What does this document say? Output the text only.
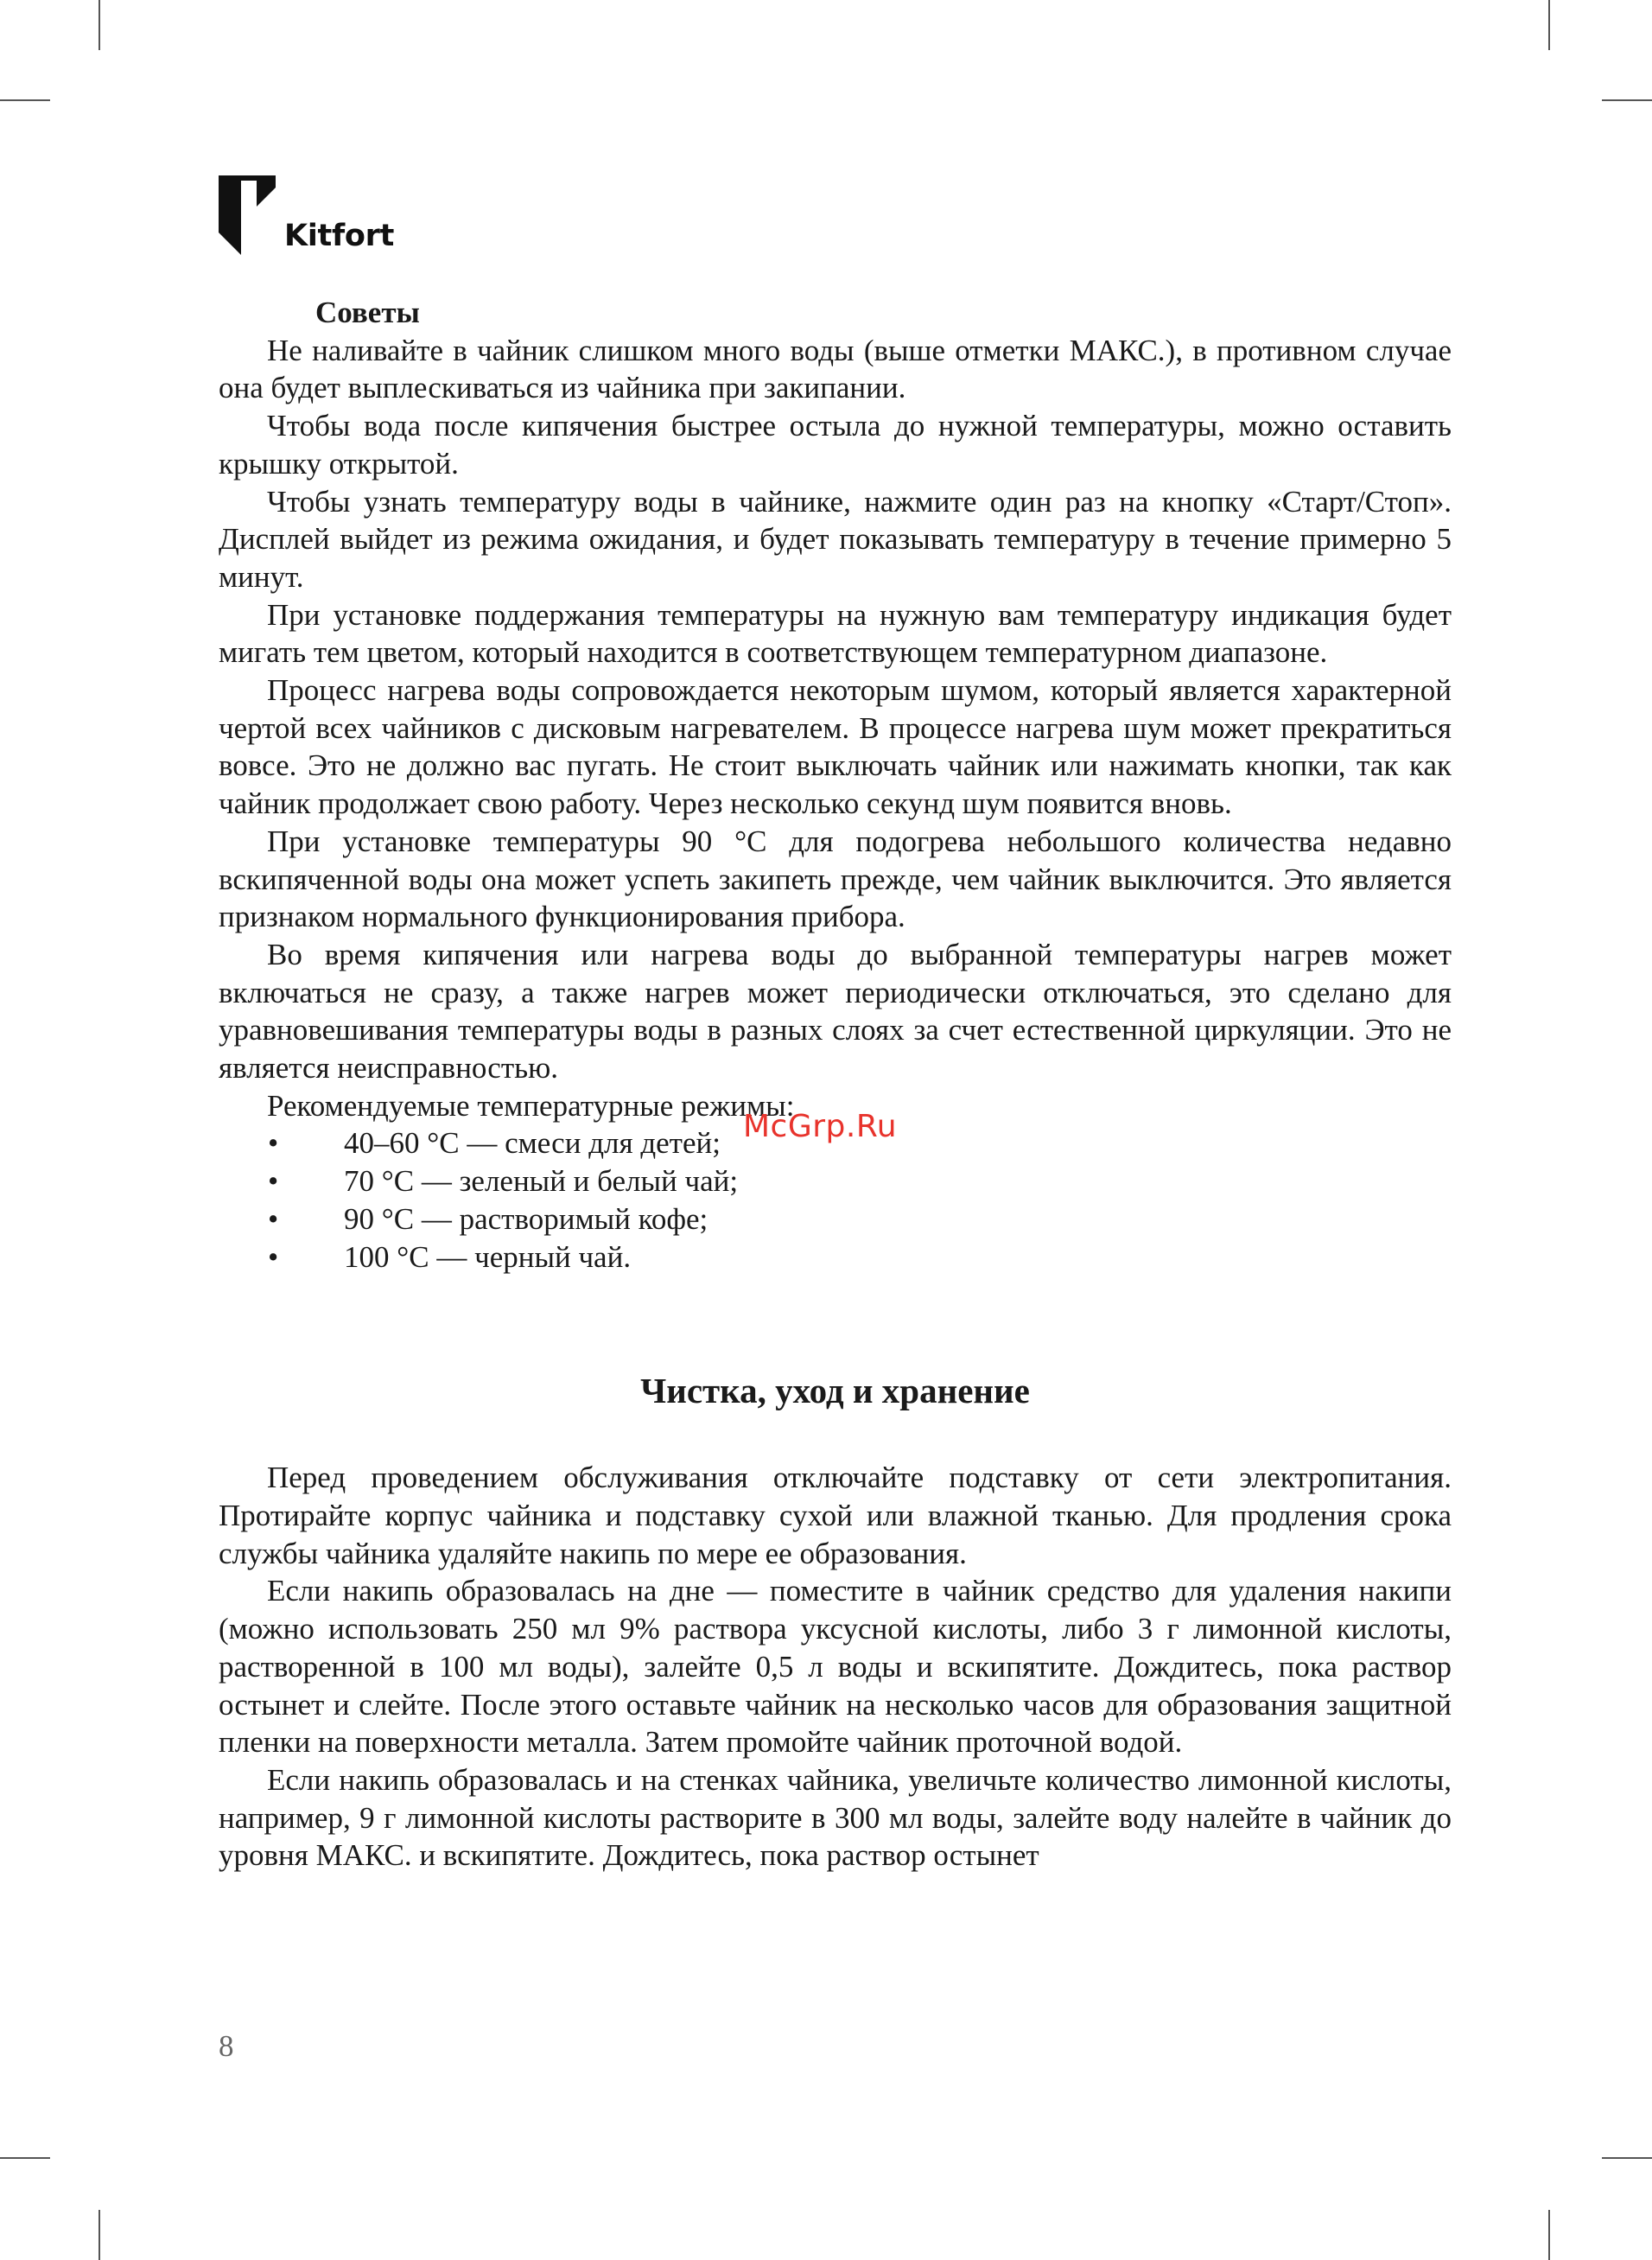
Kitfort

Советы

Не наливайте в чайник слишком много воды (выше отметки МАКС.), в противном случае она будет выплескиваться из чайника при закипании.

Чтобы вода после кипячения быстрее остыла до нужной температуры, можно оставить крышку открытой.

Чтобы узнать температуру воды в чайнике, нажмите один раз на кнопку «Старт/Стоп». Дисплей выйдет из режима ожидания, и будет показывать температуру в течение примерно 5 минут.

При установке поддержания температуры на нужную вам температуру индикация будет мигать тем цветом, который находится в соответствующем температурном диапазоне.

Процесс нагрева воды сопровождается некоторым шумом, который является характерной чертой всех чайников с дисковым нагревателем. В процессе нагрева шум может прекратиться вовсе. Это не должно вас пугать. Не стоит выключать чайник или нажимать кнопки, так как чайник продолжает свою работу. Через несколько секунд шум появится вновь.

При установке температуры 90 °C для подогрева небольшого количества недавно вскипяченной воды она может успеть закипеть прежде, чем чайник выключится. Это является признаком нормального функционирования прибора.

Во время кипячения или нагрева воды до выбранной температуры нагрев может включаться не сразу, а также нагрев может периодически отключаться, это сделано для уравновешивания температуры воды в разных слоях за счет естественной циркуляции. Это не является неисправностью.

Рекомендуемые температурные режимы:

• 40–60 °C — смеси для детей;
• 70 °C — зеленый и белый чай;
• 90 °C — растворимый кофе;
• 100 °C — черный чай.
Чистка, уход и хранение

Перед проведением обслуживания отключайте подставку от сети электропитания. Протирайте корпус чайника и подставку сухой или влажной тканью. Для продления срока службы чайника удаляйте накипь по мере ее образования.

Если накипь образовалась на дне — поместите в чайник средство для удаления накипи (можно использовать 250 мл 9% раствора уксусной кислоты, либо 3 г лимонной кислоты, растворенной в 100 мл воды), залейте 0,5 л воды и вскипятите. Дождитесь, пока раствор остынет и слейте. После этого оставьте чайник на несколько часов для образования защитной пленки на поверхности металла. Затем промойте чайник проточной водой.

Если накипь образовалась и на стенках чайника, увеличьте количество лимонной кислоты, например, 9 г лимонной кислоты растворите в 300 мл воды, залейте воду налейте в чайник до уровня МАКС. и вскипятите. Дождитесь, пока раствор остынет

McGrp.Ru
8
